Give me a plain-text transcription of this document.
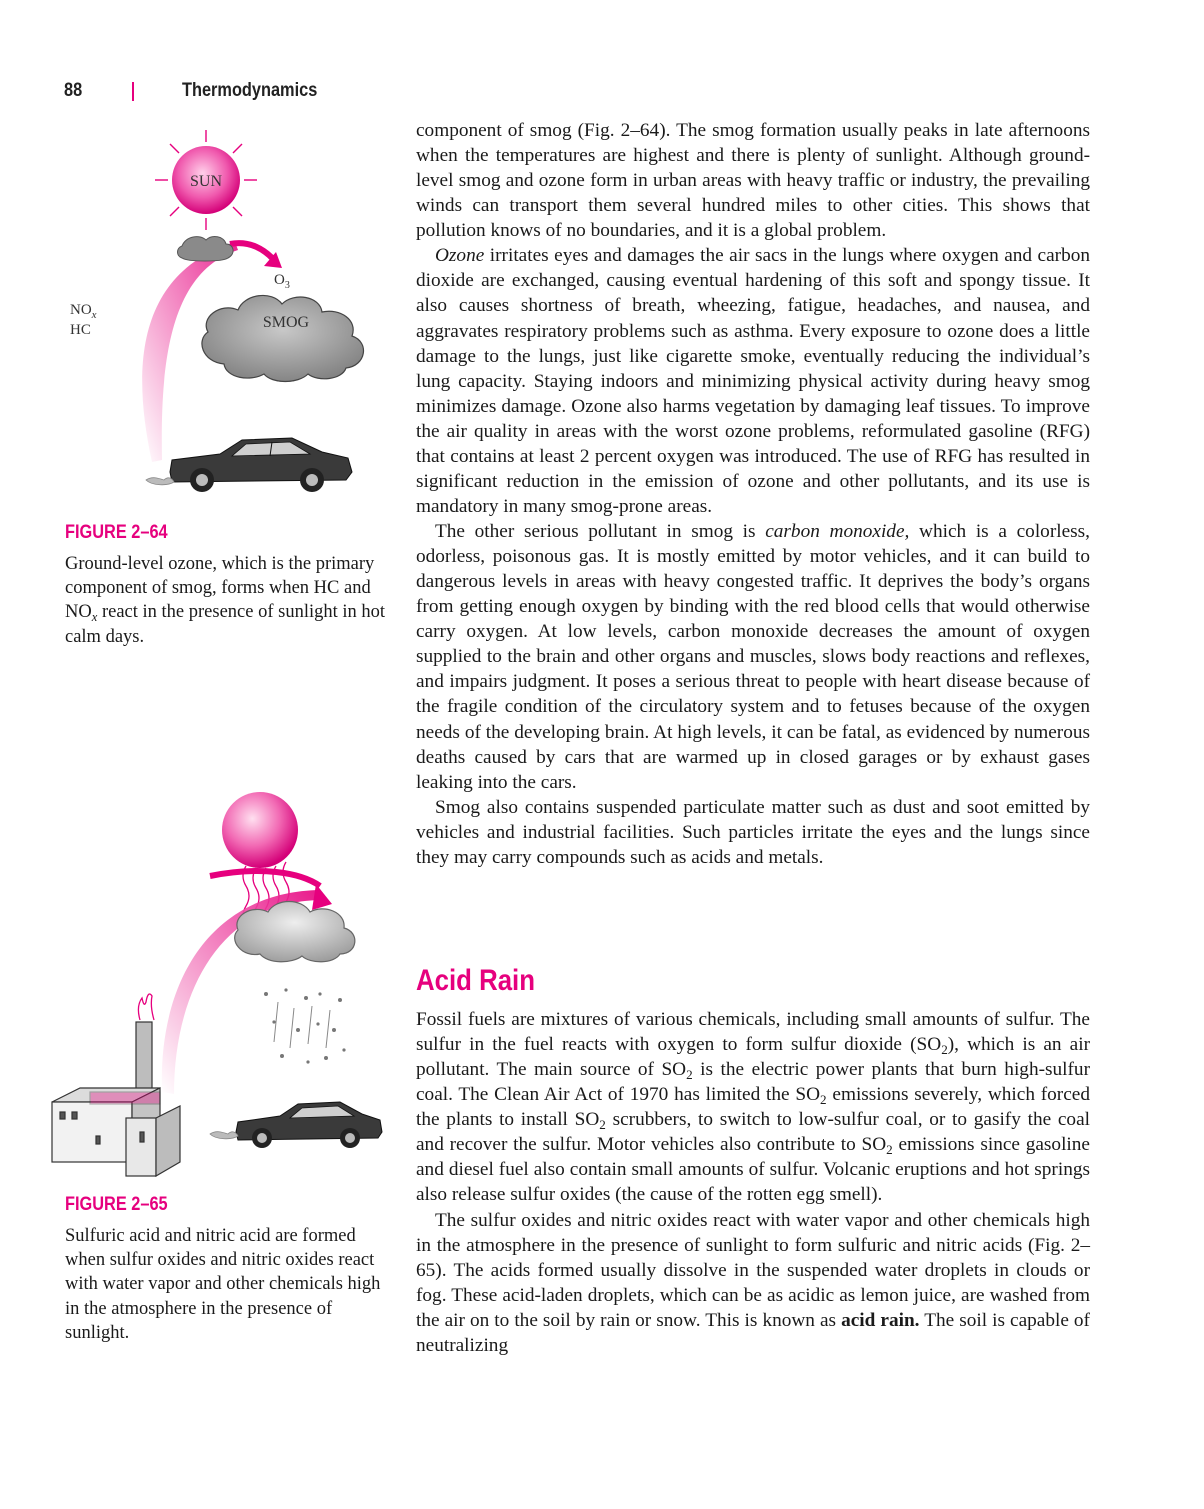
88	Thermodynamics
SUN
$O_3$
SMOG
$NO_x$
HC
FIGURE 2–64
Ground-level ozone, which is the primary component of smog, forms when HC and $NO_x$ react in the presence of sunlight in hot calm days.
FIGURE 2–65
Sulfuric acid and nitric acid are formed when sulfur oxides and nitric oxides react with water vapor and other chemicals high in the atmosphere in the presence of sunlight.

component of smog (Fig. 2–64). The smog formation usually peaks in late afternoons when the temperatures are highest and there is plenty of sunlight. Although ground-level smog and ozone form in urban areas with heavy traffic or industry, the prevailing winds can transport them several hundred miles to other cities. This shows that pollution knows of no boundaries, and it is a global problem.

Ozone irritates eyes and damages the air sacs in the lungs where oxygen and carbon dioxide are exchanged, causing eventual hardening of this soft and spongy tissue. It also causes shortness of breath, wheezing, fatigue, headaches, and nausea, and aggravates respiratory problems such as asthma. Every exposure to ozone does a little damage to the lungs, just like cigarette smoke, eventually reducing the individual’s lung capacity. Staying indoors and minimizing physical activity during heavy smog minimizes damage. Ozone also harms vegetation by damaging leaf tissues. To improve the air quality in areas with the worst ozone problems, reformulated gasoline (RFG) that contains at least 2 percent oxygen was introduced. The use of RFG has resulted in significant reduction in the emission of ozone and other pollutants, and its use is mandatory in many smog-prone areas.

The other serious pollutant in smog is carbon monoxide, which is a colorless, odorless, poisonous gas. It is mostly emitted by motor vehicles, and it can build to dangerous levels in areas with heavy congested traffic. It deprives the body’s organs from getting enough oxygen by binding with the red blood cells that would otherwise carry oxygen. At low levels, carbon monoxide decreases the amount of oxygen supplied to the brain and other organs and muscles, slows body reactions and reflexes, and impairs judgment. It poses a serious threat to people with heart disease because of the fragile condition of the circulatory system and to fetuses because of the oxygen needs of the developing brain. At high levels, it can be fatal, as evidenced by numerous deaths caused by cars that are warmed up in closed garages or by exhaust gases leaking into the cars.

Smog also contains suspended particulate matter such as dust and soot emitted by vehicles and industrial facilities. Such particles irritate the eyes and the lungs since they may carry compounds such as acids and metals.

Acid Rain

Fossil fuels are mixtures of various chemicals, including small amounts of sulfur. The sulfur in the fuel reacts with oxygen to form sulfur dioxide $(SO_2)$, which is an air pollutant. The main source of $SO_2$ is the electric power plants that burn high-sulfur coal. The Clean Air Act of 1970 has limited the $SO_2$ emissions severely, which forced the plants to install $SO_2$ scrubbers, to switch to low-sulfur coal, or to gasify the coal and recover the sulfur. Motor vehicles also contribute to $SO_2$ emissions since gasoline and diesel fuel also contain small amounts of sulfur. Volcanic eruptions and hot springs also release sulfur oxides (the cause of the rotten egg smell).

The sulfur oxides and nitric oxides react with water vapor and other chemicals high in the atmosphere in the presence of sunlight to form sulfuric and nitric acids (Fig. 2–65). The acids formed usually dissolve in the suspended water droplets in clouds or fog. These acid-laden droplets, which can be as acidic as lemon juice, are washed from the air on to the soil by rain or snow. This is known as acid rain. The soil is capable of neutralizing
